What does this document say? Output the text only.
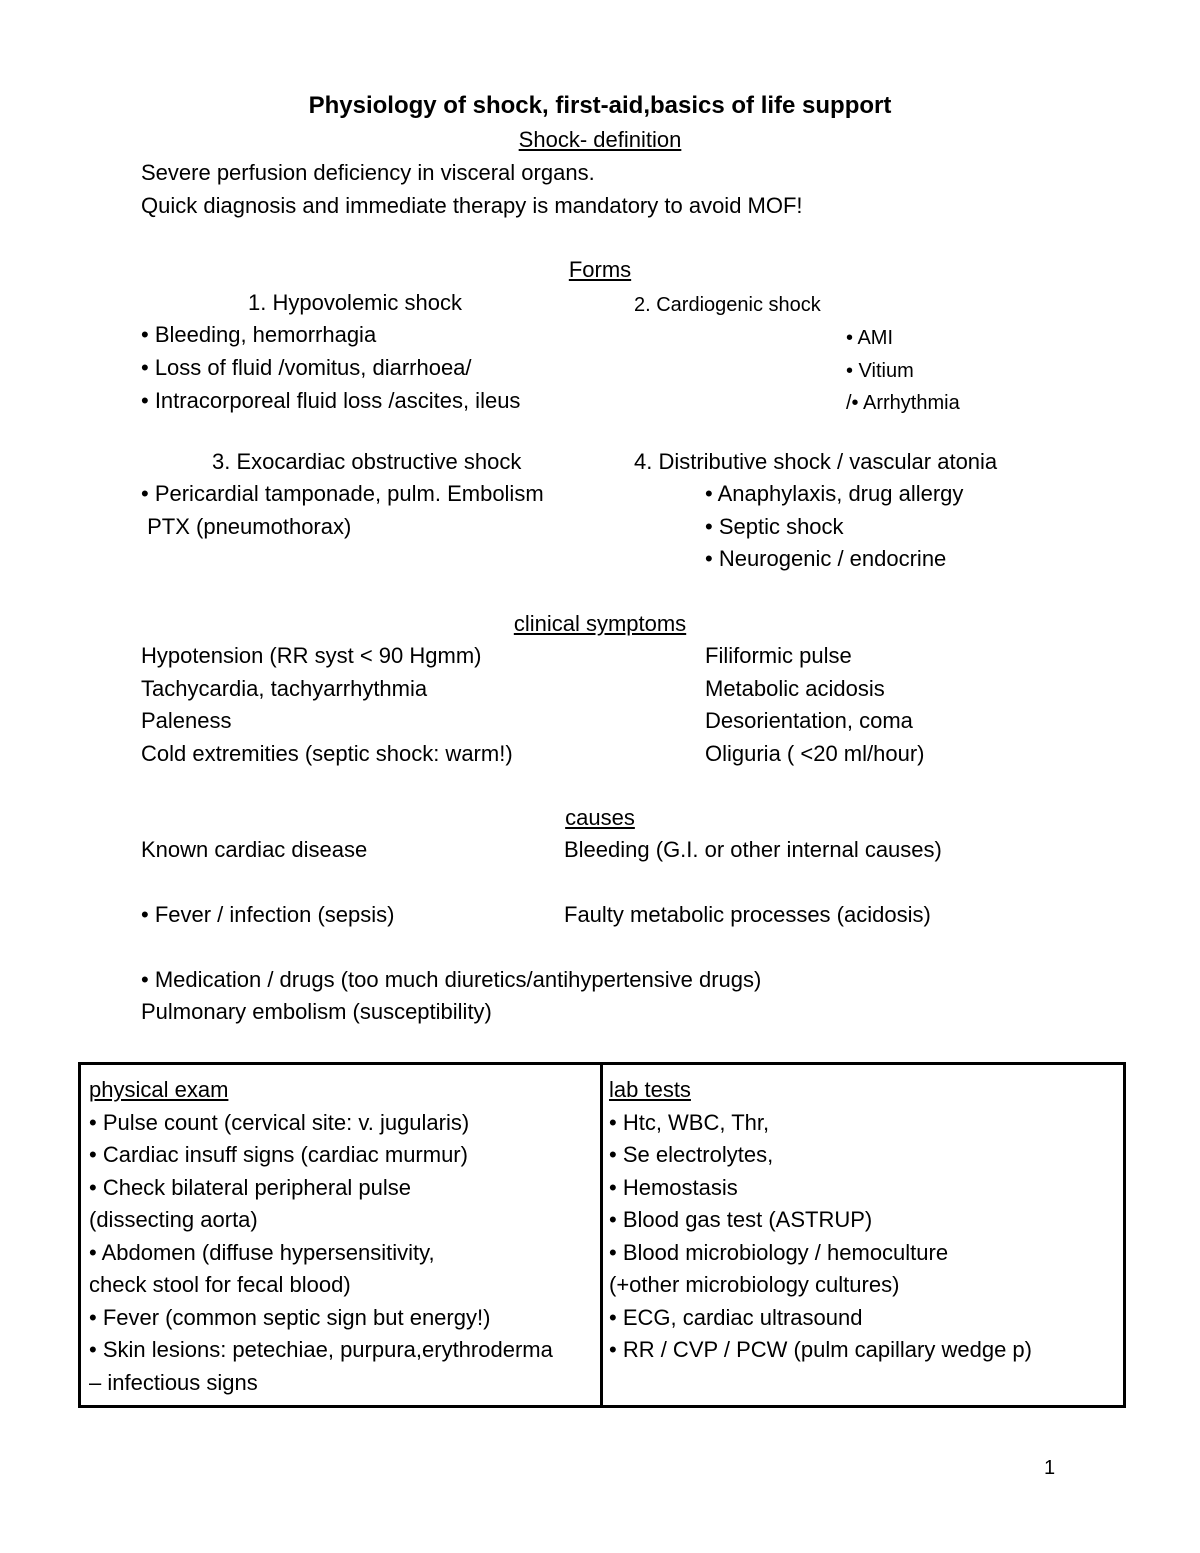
Physiology of shock, first-aid,basics of life support
Shock- definition
Severe perfusion deficiency in visceral organs.
Quick diagnosis and immediate therapy is mandatory to avoid MOF!
Forms
1. Hypovolemic shock
• Bleeding, hemorrhagia
• Loss of fluid /vomitus, diarrhoea/
• Intracorporeal fluid loss /ascites, ileus
2. Cardiogenic shock
• AMI
• Vitium
/• Arrhythmia
3. Exocardiac obstructive shock
• Pericardial tamponade, pulm. Embolism
PTX (pneumothorax)
4. Distributive shock / vascular atonia
• Anaphylaxis, drug allergy
• Septic shock
• Neurogenic / endocrine
clinical symptoms
Hypotension (RR syst < 90 Hgmm)
Tachycardia, tachyarrhythmia
Paleness
Cold extremities (septic shock: warm!)
Filiformic pulse
Metabolic acidosis
Desorientation, coma
Oliguria ( <20 ml/hour)
causes
Known cardiac disease	Bleeding (G.I. or other internal causes)
• Fever / infection (sepsis)	Faulty metabolic processes (acidosis)
• Medication / drugs (too much diuretics/antihypertensive drugs)
Pulmonary embolism (susceptibility)
physical exam
• Pulse count (cervical site: v. jugularis)
• Cardiac insuff signs (cardiac murmur)
• Check bilateral peripheral pulse
(dissecting aorta)
• Abdomen (diffuse hypersensitivity,
check stool for fecal blood)
• Fever (common septic sign but energy!)
• Skin lesions: petechiae, purpura,erythroderma
– infectious signs
lab tests
• Htc, WBC, Thr,
• Se electrolytes,
• Hemostasis
• Blood gas test (ASTRUP)
• Blood microbiology / hemoculture
(+other microbiology cultures)
• ECG, cardiac ultrasound
• RR / CVP / PCW (pulm capillary wedge p)
1
